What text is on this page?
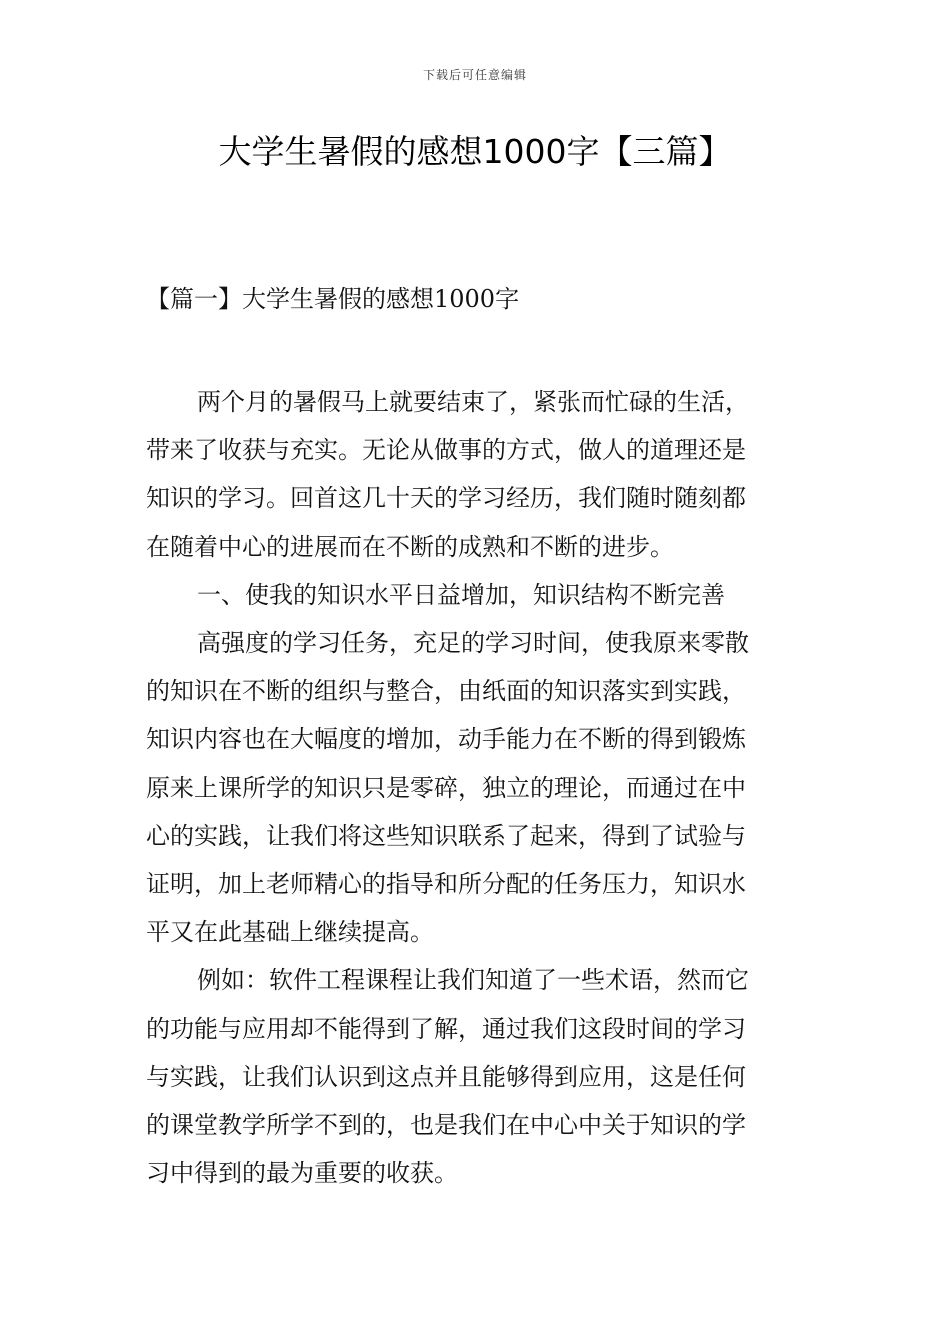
下载后可任意编辑
大学生暑假的感想1000字【三篇】
【篇一】大学生暑假的感想1000字

两个月的暑假马上就要结束了，紧张而忙碌的生活，

带来了收获与充实。无论从做事的方式，做人的道理还是

知识的学习。回首这几十天的学习经历，我们随时随刻都

在随着中心的进展而在不断的成熟和不断的进步。

一、使我的知识水平日益增加，知识结构不断完善

高强度的学习任务，充足的学习时间，使我原来零散

的知识在不断的组织与整合，由纸面的知识落实到实践，

知识内容也在大幅度的增加，动手能力在不断的得到锻炼

原来上课所学的知识只是零碎，独立的理论，而通过在中

心的实践，让我们将这些知识联系了起来，得到了试验与

证明，加上老师精心的指导和所分配的任务压力，知识水

平又在此基础上继续提高。

例如：软件工程课程让我们知道了一些术语，然而它

的功能与应用却不能得到了解，通过我们这段时间的学习

与实践，让我们认识到这点并且能够得到应用，这是任何

的课堂教学所学不到的，也是我们在中心中关于知识的学

习中得到的最为重要的收获。
